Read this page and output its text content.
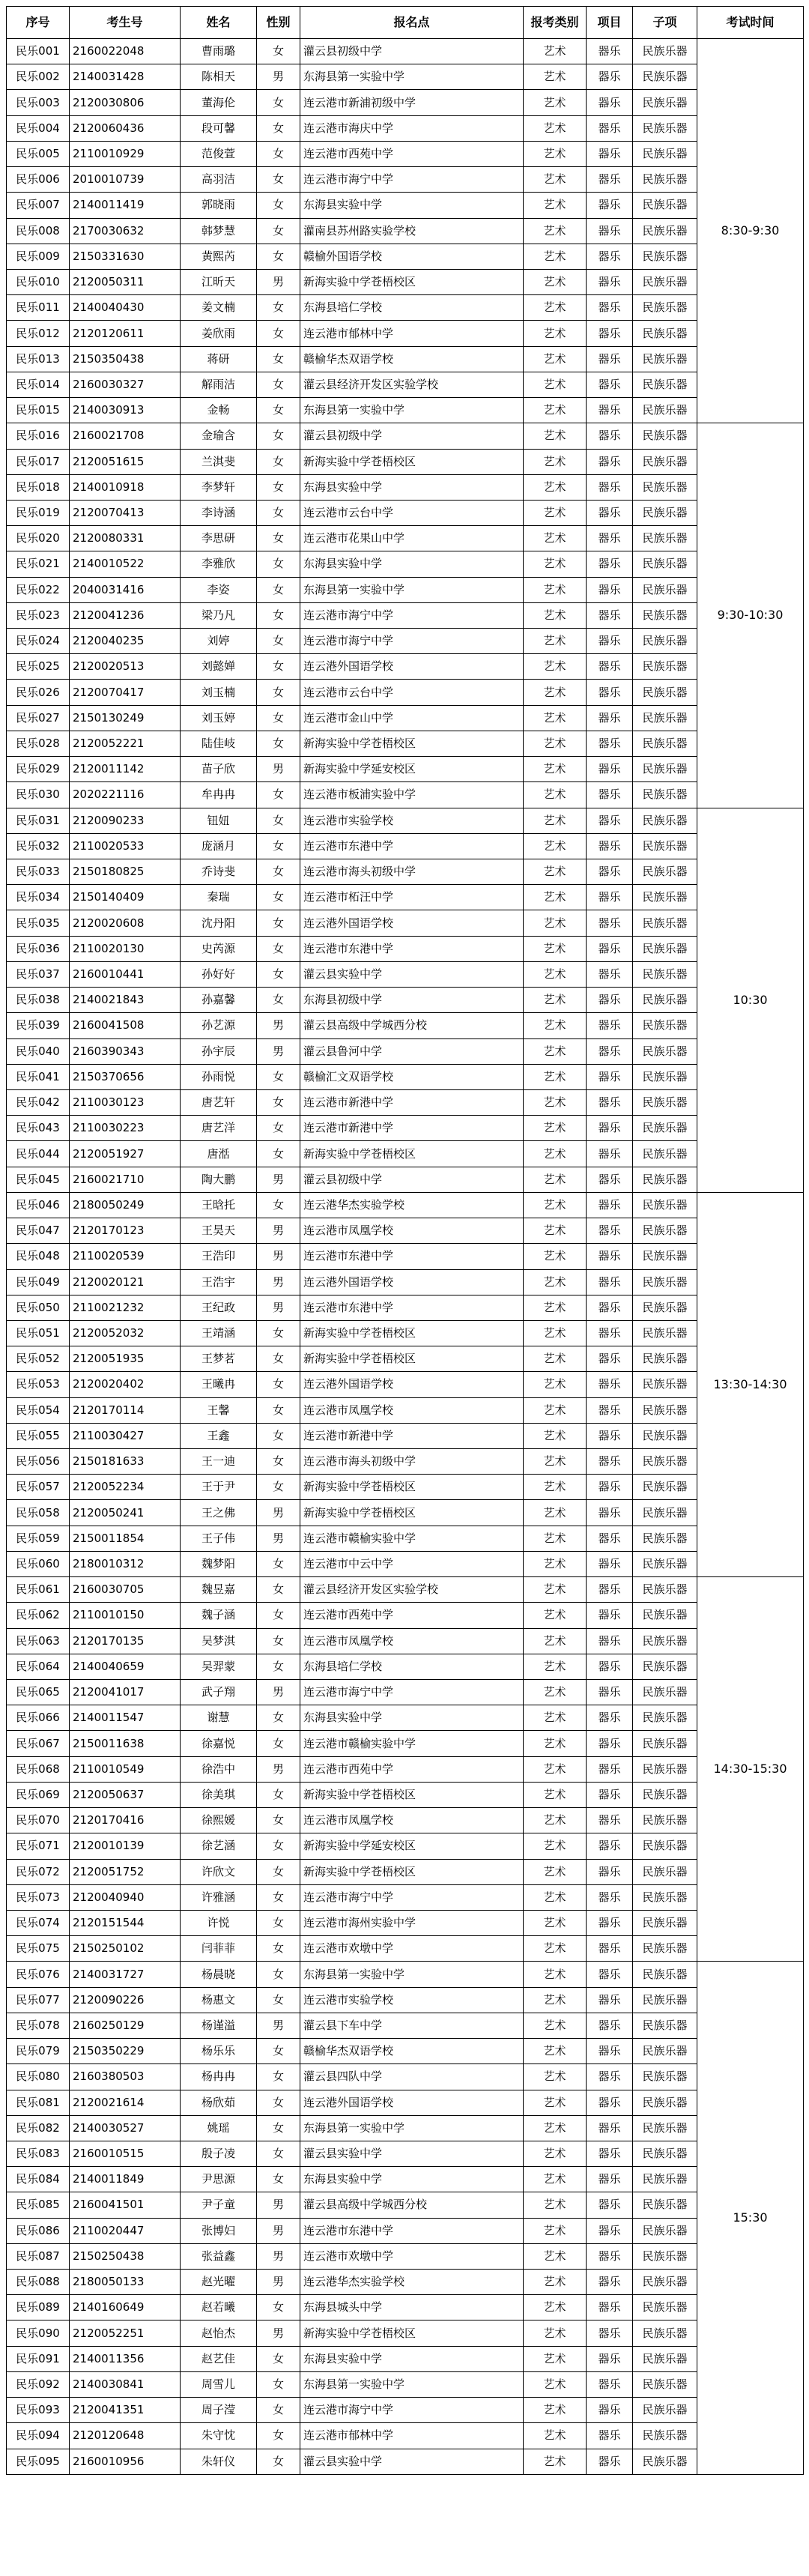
序号	考生号	姓名	性别	报名点	报考类别	项目	子项	考试时间
民乐001	2160022048	曹雨璐	女	灌云县初级中学	艺术	器乐	民族乐器	8:30-9:30
民乐002	2140031428	陈相天	男	东海县第一实验中学	艺术	器乐	民族乐器	
民乐003	2120030806	董海伦	女	连云港市新浦初级中学	艺术	器乐	民族乐器	
民乐004	2120060436	段可馨	女	连云港市海庆中学	艺术	器乐	民族乐器	
民乐005	2110010929	范俊萱	女	连云港市西苑中学	艺术	器乐	民族乐器	
民乐006	2010010739	高羽洁	女	连云港市海宁中学	艺术	器乐	民族乐器	
民乐007	2140011419	郭晓雨	女	东海县实验中学	艺术	器乐	民族乐器	
民乐008	2170030632	韩梦慧	女	灌南县苏州路实验学校	艺术	器乐	民族乐器	
民乐009	2150331630	黄熙芮	女	赣榆外国语学校	艺术	器乐	民族乐器	
民乐010	2120050311	江昕天	男	新海实验中学苍梧校区	艺术	器乐	民族乐器	
民乐011	2140040430	姜文楠	女	东海县培仁学校	艺术	器乐	民族乐器	
民乐012	2120120611	姜欣雨	女	连云港市郁林中学	艺术	器乐	民族乐器	
民乐013	2150350438	蒋研	女	赣榆华杰双语学校	艺术	器乐	民族乐器	
民乐014	2160030327	解雨洁	女	灌云县经济开发区实验学校	艺术	器乐	民族乐器	
民乐015	2140030913	金畅	女	东海县第一实验中学	艺术	器乐	民族乐器	
民乐016	2160021708	金瑜含	女	灌云县初级中学	艺术	器乐	民族乐器	9:30-10:30
民乐017	2120051615	兰淇斐	女	新海实验中学苍梧校区	艺术	器乐	民族乐器	
民乐018	2140010918	李梦轩	女	东海县实验中学	艺术	器乐	民族乐器	
民乐019	2120070413	李诗涵	女	连云港市云台中学	艺术	器乐	民族乐器	
民乐020	2120080331	李思研	女	连云港市花果山中学	艺术	器乐	民族乐器	
民乐021	2140010522	李雅欣	女	东海县实验中学	艺术	器乐	民族乐器	
民乐022	2040031416	李姿	女	东海县第一实验中学	艺术	器乐	民族乐器	
民乐023	2120041236	梁乃凡	女	连云港市海宁中学	艺术	器乐	民族乐器	
民乐024	2120040235	刘婷	女	连云港市海宁中学	艺术	器乐	民族乐器	
民乐025	2120020513	刘懿婵	女	连云港外国语学校	艺术	器乐	民族乐器	
民乐026	2120070417	刘玉楠	女	连云港市云台中学	艺术	器乐	民族乐器	
民乐027	2150130249	刘玉婷	女	连云港市金山中学	艺术	器乐	民族乐器	
民乐028	2120052221	陆佳岐	女	新海实验中学苍梧校区	艺术	器乐	民族乐器	
民乐029	2120011142	苗子欣	男	新海实验中学延安校区	艺术	器乐	民族乐器	
民乐030	2020221116	牟冉冉	女	连云港市板浦实验中学	艺术	器乐	民族乐器	
民乐031	2120090233	钮妞	女	连云港市实验学校	艺术	器乐	民族乐器	10:30
民乐032	2110020533	庞涵月	女	连云港市东港中学	艺术	器乐	民族乐器	
民乐033	2150180825	乔诗斐	女	连云港市海头初级中学	艺术	器乐	民族乐器	
民乐034	2150140409	秦瑞	女	连云港市柘汪中学	艺术	器乐	民族乐器	
民乐035	2120020608	沈丹阳	女	连云港外国语学校	艺术	器乐	民族乐器	
民乐036	2110020130	史芮源	女	连云港市东港中学	艺术	器乐	民族乐器	
民乐037	2160010441	孙好好	女	灌云县实验中学	艺术	器乐	民族乐器	
民乐038	2140021843	孙嘉馨	女	东海县初级中学	艺术	器乐	民族乐器	
民乐039	2160041508	孙艺源	男	灌云县高级中学城西分校	艺术	器乐	民族乐器	
民乐040	2160390343	孙宇辰	男	灌云县鲁河中学	艺术	器乐	民族乐器	
民乐041	2150370656	孙雨悦	女	赣榆汇文双语学校	艺术	器乐	民族乐器	
民乐042	2110030123	唐艺轩	女	连云港市新港中学	艺术	器乐	民族乐器	
民乐043	2110030223	唐艺洋	女	连云港市新港中学	艺术	器乐	民族乐器	
民乐044	2120051927	唐湉	女	新海实验中学苍梧校区	艺术	器乐	民族乐器	
民乐045	2160021710	陶大鹏	男	灌云县初级中学	艺术	器乐	民族乐器	
民乐046	2180050249	王晗托	女	连云港华杰实验学校	艺术	器乐	民族乐器	13:30-14:30
民乐047	2120170123	王昊天	男	连云港市凤凰学校	艺术	器乐	民族乐器	
民乐048	2110020539	王浩印	男	连云港市东港中学	艺术	器乐	民族乐器	
民乐049	2120020121	王浩宇	男	连云港外国语学校	艺术	器乐	民族乐器	
民乐050	2110021232	王纪政	男	连云港市东港中学	艺术	器乐	民族乐器	
民乐051	2120052032	王靖涵	女	新海实验中学苍梧校区	艺术	器乐	民族乐器	
民乐052	2120051935	王梦茗	女	新海实验中学苍梧校区	艺术	器乐	民族乐器	
民乐053	2120020402	王曦冉	女	连云港外国语学校	艺术	器乐	民族乐器	
民乐054	2120170114	王馨	女	连云港市凤凰学校	艺术	器乐	民族乐器	
民乐055	2110030427	王鑫	女	连云港市新港中学	艺术	器乐	民族乐器	
民乐056	2150181633	王一迪	女	连云港市海头初级中学	艺术	器乐	民族乐器	
民乐057	2120052234	王于尹	女	新海实验中学苍梧校区	艺术	器乐	民族乐器	
民乐058	2120050241	王之佛	男	新海实验中学苍梧校区	艺术	器乐	民族乐器	
民乐059	2150011854	王子伟	男	连云港市赣榆实验中学	艺术	器乐	民族乐器	
民乐060	2180010312	魏梦阳	女	连云港市中云中学	艺术	器乐	民族乐器	
民乐061	2160030705	魏昱嘉	女	灌云县经济开发区实验学校	艺术	器乐	民族乐器	14:30-15:30
民乐062	2110010150	魏子涵	女	连云港市西苑中学	艺术	器乐	民族乐器	
民乐063	2120170135	吴梦淇	女	连云港市凤凰学校	艺术	器乐	民族乐器	
民乐064	2140040659	吴羿蒙	女	东海县培仁学校	艺术	器乐	民族乐器	
民乐065	2120041017	武子翔	男	连云港市海宁中学	艺术	器乐	民族乐器	
民乐066	2140011547	谢慧	女	东海县实验中学	艺术	器乐	民族乐器	
民乐067	2150011638	徐嘉悦	女	连云港市赣榆实验中学	艺术	器乐	民族乐器	
民乐068	2110010549	徐浩中	男	连云港市西苑中学	艺术	器乐	民族乐器	
民乐069	2120050637	徐美琪	女	新海实验中学苍梧校区	艺术	器乐	民族乐器	
民乐070	2120170416	徐熙媛	女	连云港市凤凰学校	艺术	器乐	民族乐器	
民乐071	2120010139	徐艺涵	女	新海实验中学延安校区	艺术	器乐	民族乐器	
民乐072	2120051752	许欣文	女	新海实验中学苍梧校区	艺术	器乐	民族乐器	
民乐073	2120040940	许雅涵	女	连云港市海宁中学	艺术	器乐	民族乐器	
民乐074	2120151544	许悦	女	连云港市海州实验中学	艺术	器乐	民族乐器	
民乐075	2150250102	闫菲菲	女	连云港市欢墩中学	艺术	器乐	民族乐器	
民乐076	2140031727	杨晨晓	女	东海县第一实验中学	艺术	器乐	民族乐器	15:30
民乐077	2120090226	杨惠文	女	连云港市实验学校	艺术	器乐	民族乐器	
民乐078	2160250129	杨谨溢	男	灌云县下车中学	艺术	器乐	民族乐器	
民乐079	2150350229	杨乐乐	女	赣榆华杰双语学校	艺术	器乐	民族乐器	
民乐080	2160380503	杨冉冉	女	灌云县四队中学	艺术	器乐	民族乐器	
民乐081	2120021614	杨欣茹	女	连云港外国语学校	艺术	器乐	民族乐器	
民乐082	2140030527	姚瑶	女	东海县第一实验中学	艺术	器乐	民族乐器	
民乐083	2160010515	殷子凌	女	灌云县实验中学	艺术	器乐	民族乐器	
民乐084	2140011849	尹思源	女	东海县实验中学	艺术	器乐	民族乐器	
民乐085	2160041501	尹子童	男	灌云县高级中学城西分校	艺术	器乐	民族乐器	
民乐086	2110020447	张博妇	男	连云港市东港中学	艺术	器乐	民族乐器	
民乐087	2150250438	张益鑫	男	连云港市欢墩中学	艺术	器乐	民族乐器	
民乐088	2180050133	赵光曜	男	连云港华杰实验学校	艺术	器乐	民族乐器	
民乐089	2140160649	赵若曦	女	东海县城头中学	艺术	器乐	民族乐器	
民乐090	2120052251	赵怡杰	男	新海实验中学苍梧校区	艺术	器乐	民族乐器	
民乐091	2140011356	赵艺佳	女	东海县实验中学	艺术	器乐	民族乐器	
民乐092	2140030841	周雪儿	女	东海县第一实验中学	艺术	器乐	民族乐器	
民乐093	2120041351	周子滢	女	连云港市海宁中学	艺术	器乐	民族乐器	
民乐094	2120120648	朱守忱	女	连云港市郁林中学	艺术	器乐	民族乐器	
民乐095	2160010956	朱轩仪	女	灌云县实验中学	艺术	器乐	民族乐器	
